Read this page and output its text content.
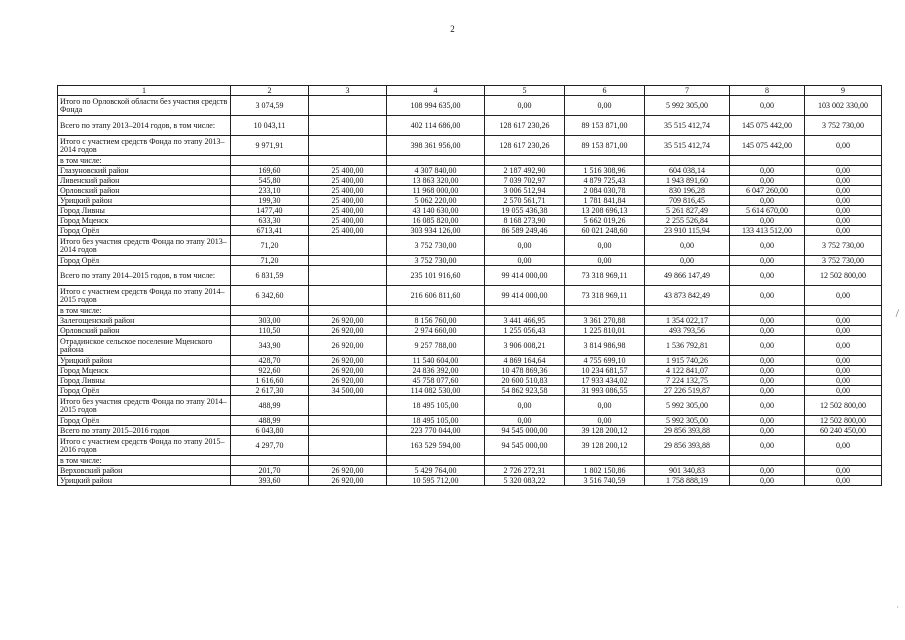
2
/
·
1	2	3	4	5	6	7	8	9
Итого по Орловской области без участия средств Фонда	3 074,59		108 994 635,00	0,00	0,00	5 992 305,00	0,00	103 002 330,00
Всего по этапу 2013–2014 годов, в том числе:	10 043,11		402 114 686,00	128 617 230,26	89 153 871,00	35 515 412,74	145 075 442,00	3 752 730,00
Итого с участием средств Фонда по этапу 2013–2014 годов	9 971,91		398 361 956,00	128 617 230,26	89 153 871,00	35 515 412,74	145 075 442,00	0,00
в том числе:								
Глазуновский район	169,60	25 400,00	4 307 840,00	2 187 492,90	1 516 308,96	604 038,14	0,00	0,00
Ливенский район	545,80	25 400,00	13 863 320,00	7 039 702,97	4 879 725,43	1 943 891,60	0,00	0,00
Орловский район	233,10	25 400,00	11 968 000,00	3 006 512,94	2 084 030,78	830 196,28	6 047 260,00	0,00
Урицкий район	199,30	25 400,00	5 062 220,00	2 570 561,71	1 781 841,84	709 816,45	0,00	0,00
Город Ливны	1477,40	25 400,00	43 140 630,00	19 055 436,38	13 208 696,13	5 261 827,49	5 614 670,00	0,00
Город Мценск	633,30	25 400,00	16 085 820,00	8 168 273,90	5 662 019,26	2 255 526,84	0,00	0,00
Город Орёл	6713,41	25 400,00	303 934 126,00	86 589 249,46	60 021 248,60	23 910 115,94	133 413 512,00	0,00
Итого без участия средств Фонда по этапу 2013–2014 годов	71,20		3 752 730,00	0,00	0,00	0,00	0,00	3 752 730,00
Город Орёл	71,20		3 752 730,00	0,00	0,00	0,00	0,00	3 752 730,00
Всего по этапу 2014–2015 годов, в том числе:	6 831,59		235 101 916,60	99 414 000,00	73 318 969,11	49 866 147,49	0,00	12 502 800,00
Итого с участием средств Фонда по этапу 2014–2015 годов	6 342,60		216 606 811,60	99 414 000,00	73 318 969,11	43 873 842,49	0,00	0,00
в том числе:								
Залегощенский район	303,00	26 920,00	8 156 760,00	3 441 466,95	3 361 270,88	1 354 022,17	0,00	0,00
Орловский район	110,50	26 920,00	2 974 660,00	1 255 056,43	1 225 810,01	493 793,56	0,00	0,00
Отрадинское сельское поселение Мценского района	343,90	26 920,00	9 257 788,00	3 906 008,21	3 814 986,98	1 536 792,81	0,00	0,00
Урицкий район	428,70	26 920,00	11 540 604,00	4 869 164,64	4 755 699,10	1 915 740,26	0,00	0,00
Город Мценск	922,60	26 920,00	24 836 392,00	10 478 869,36	10 234 681,57	4 122 841,07	0,00	0,00
Город Ливны	1 616,60	26 920,00	45 758 077,60	20 600 510,83	17 933 434,02	7 224 132,75	0,00	0,00
Город Орёл	2 617,30	34 500,00	114 082 530,00	54 862 923,58	31 993 086,55	27 226 519,87	0,00	0,00
Итого без участия средств Фонда по этапу 2014–2015 годов	488,99		18 495 105,00	0,00	0,00	5 992 305,00	0,00	12 502 800,00
Город Орёл	488,99		18 495 105,00	0,00	0,00	5 992 305,00	0,00	12 502 800,00
Всего по этапу 2015–2016 годов	6 043,80		223 770 044,00	94 545 000,00	39 128 200,12	29 856 393,88	0,00	60 240 450,00
Итого с участием средств Фонда по этапу 2015–2016 годов	4 297,70		163 529 594,00	94 545 000,00	39 128 200,12	29 856 393,88	0,00	0,00
в том числе:								
Верховский район	201,70	26 920,00	5 429 764,00	2 726 272,31	1 802 150,86	901 340,83	0,00	0,00
Урицкий район	393,60	26 920,00	10 595 712,00	5 320 083,22	3 516 740,59	1 758 888,19	0,00	0,00
